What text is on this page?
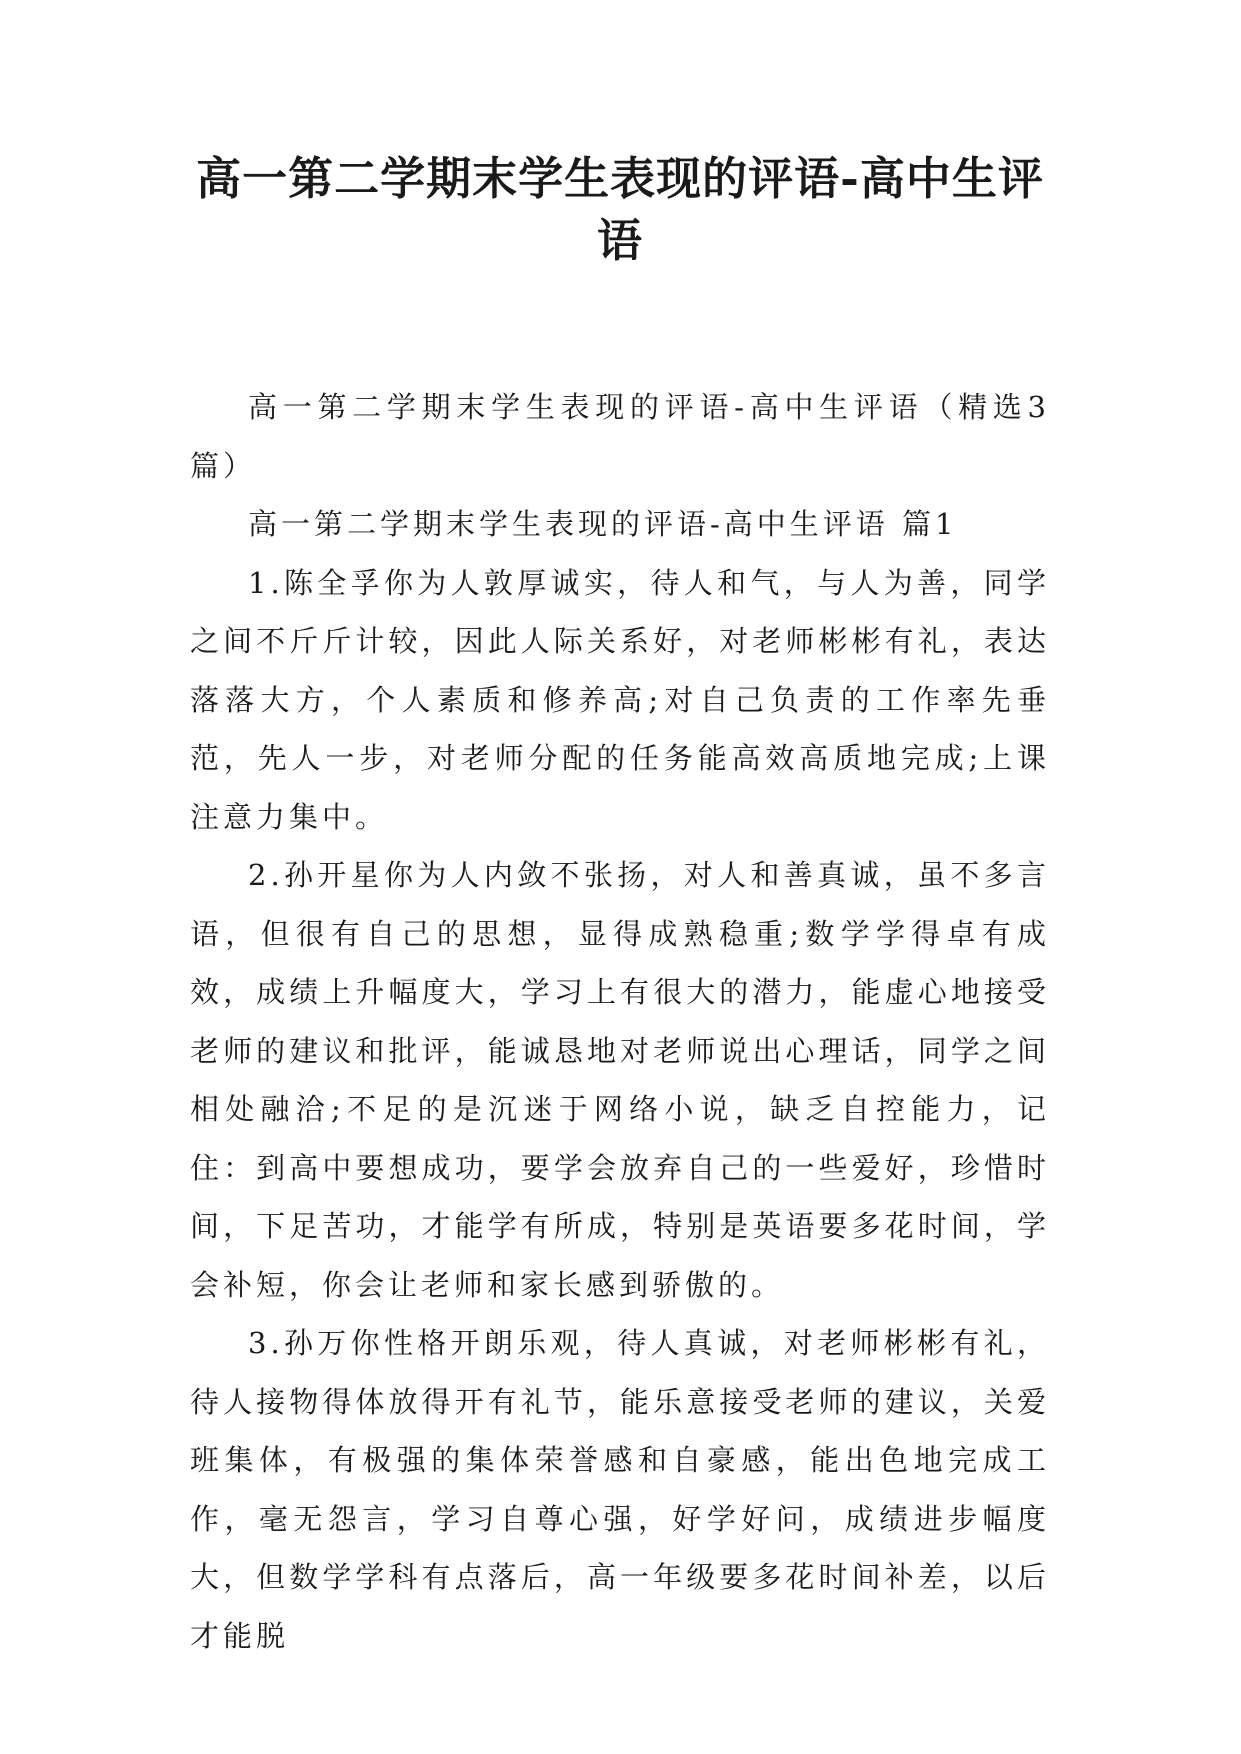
高一第二学期末学生表现的评语-高中生评语

高一第二学期末学生表现的评语-高中生评语（精选3篇）

高一第二学期末学生表现的评语-高中生评语 篇1

1.陈全孚你为人敦厚诚实，待人和气，与人为善，同学之间不斤斤计较，因此人际关系好，对老师彬彬有礼，表达落落大方，个人素质和修养高;对自己负责的工作率先垂范，先人一步，对老师分配的任务能高效高质地完成;上课注意力集中。

2.孙开星你为人内敛不张扬，对人和善真诚，虽不多言语，但很有自己的思想，显得成熟稳重;数学学得卓有成效，成绩上升幅度大，学习上有很大的潜力，能虚心地接受老师的建议和批评，能诚恳地对老师说出心理话，同学之间相处融洽;不足的是沉迷于网络小说，缺乏自控能力，记住：到高中要想成功，要学会放弃自己的一些爱好，珍惜时间，下足苦功，才能学有所成，特别是英语要多花时间，学会补短，你会让老师和家长感到骄傲的。

3.孙万你性格开朗乐观，待人真诚，对老师彬彬有礼，待人接物得体放得开有礼节，能乐意接受老师的建议，关爱班集体，有极强的集体荣誉感和自豪感，能出色地完成工作，毫无怨言，学习自尊心强，好学好问，成绩进步幅度大，但数学学科有点落后，高一年级要多花时间补差，以后才能脱
